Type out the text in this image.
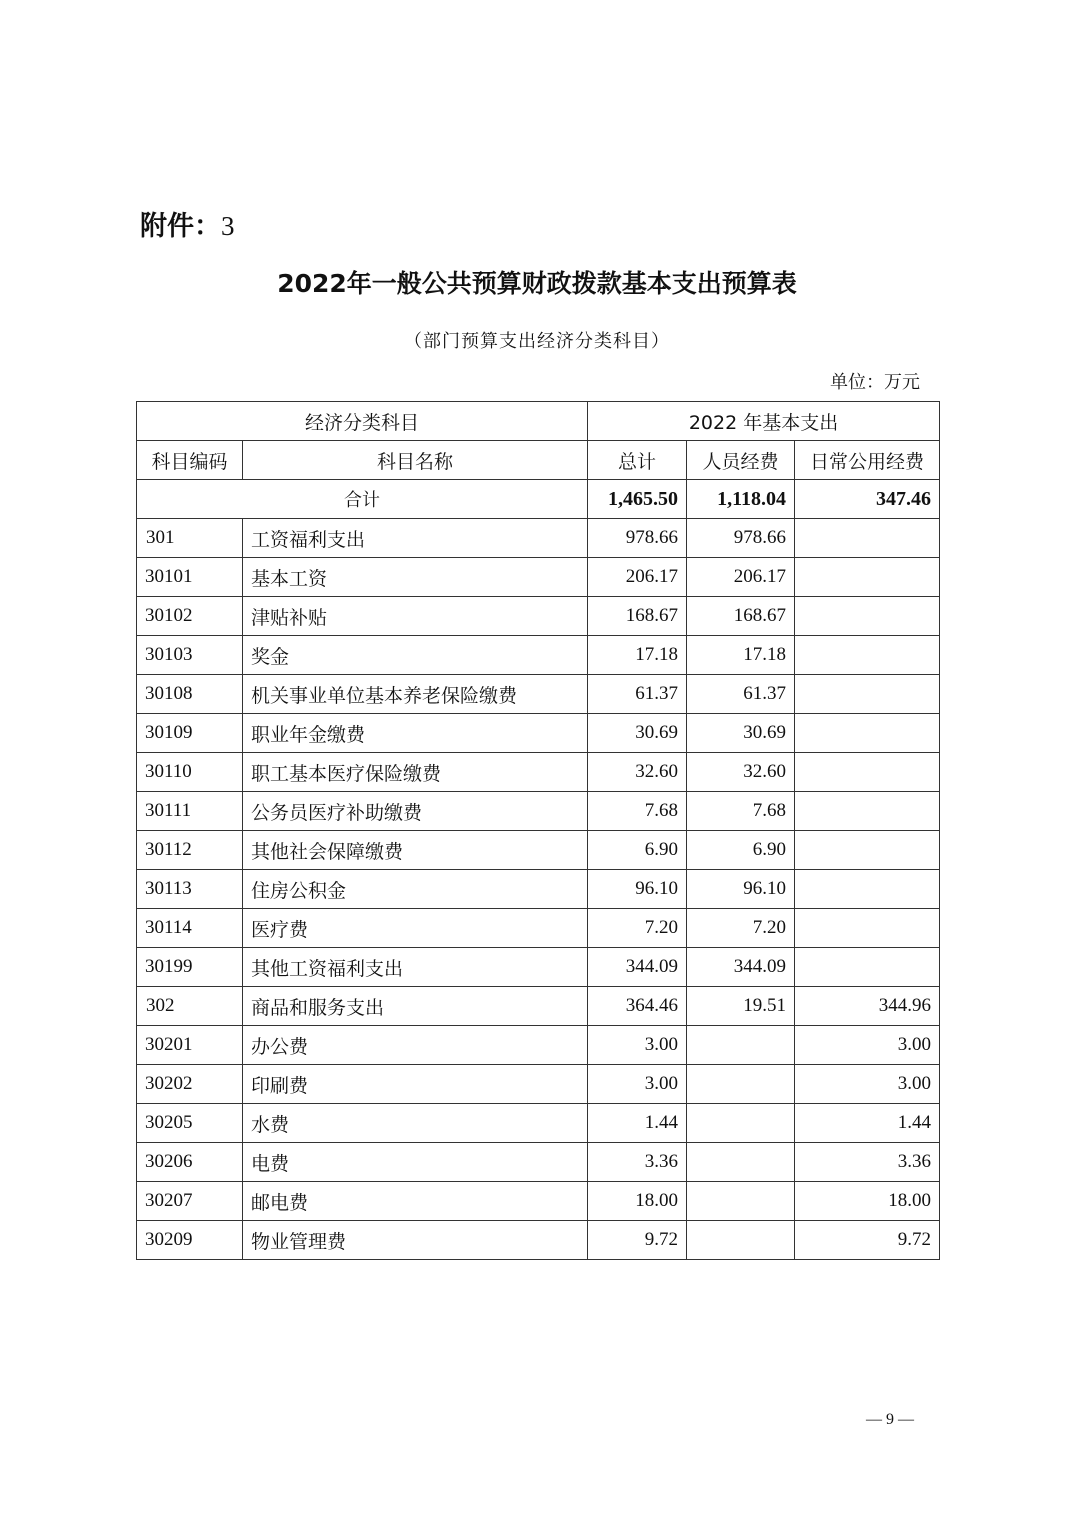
附件：3
2022年一般公共预算财政拨款基本支出预算表
（部门预算支出经济分类科目）
单位：万元
经济分类科目		2022 年基本支出		
科目编码	科目名称	总计	人员经费	日常公用经费
合计		1,465.50	1,118.04	347.46
301	工资福利支出	978.66	978.66	
30101	基本工资	206.17	206.17	
30102	津贴补贴	168.67	168.67	
30103	奖金	17.18	17.18	
30108	机关事业单位基本养老保险缴费	61.37	61.37	
30109	职业年金缴费	30.69	30.69	
30110	职工基本医疗保险缴费	32.60	32.60	
30111	公务员医疗补助缴费	7.68	7.68	
30112	其他社会保障缴费	6.90	6.90	
30113	住房公积金	96.10	96.10	
30114	医疗费	7.20	7.20	
30199	其他工资福利支出	344.09	344.09	
302	商品和服务支出	364.46	19.51	344.96
30201	办公费	3.00		3.00
30202	印刷费	3.00		3.00
30205	水费	1.44		1.44
30206	电费	3.36		3.36
30207	邮电费	18.00		18.00
30209	物业管理费	9.72		9.72
— 9 —
